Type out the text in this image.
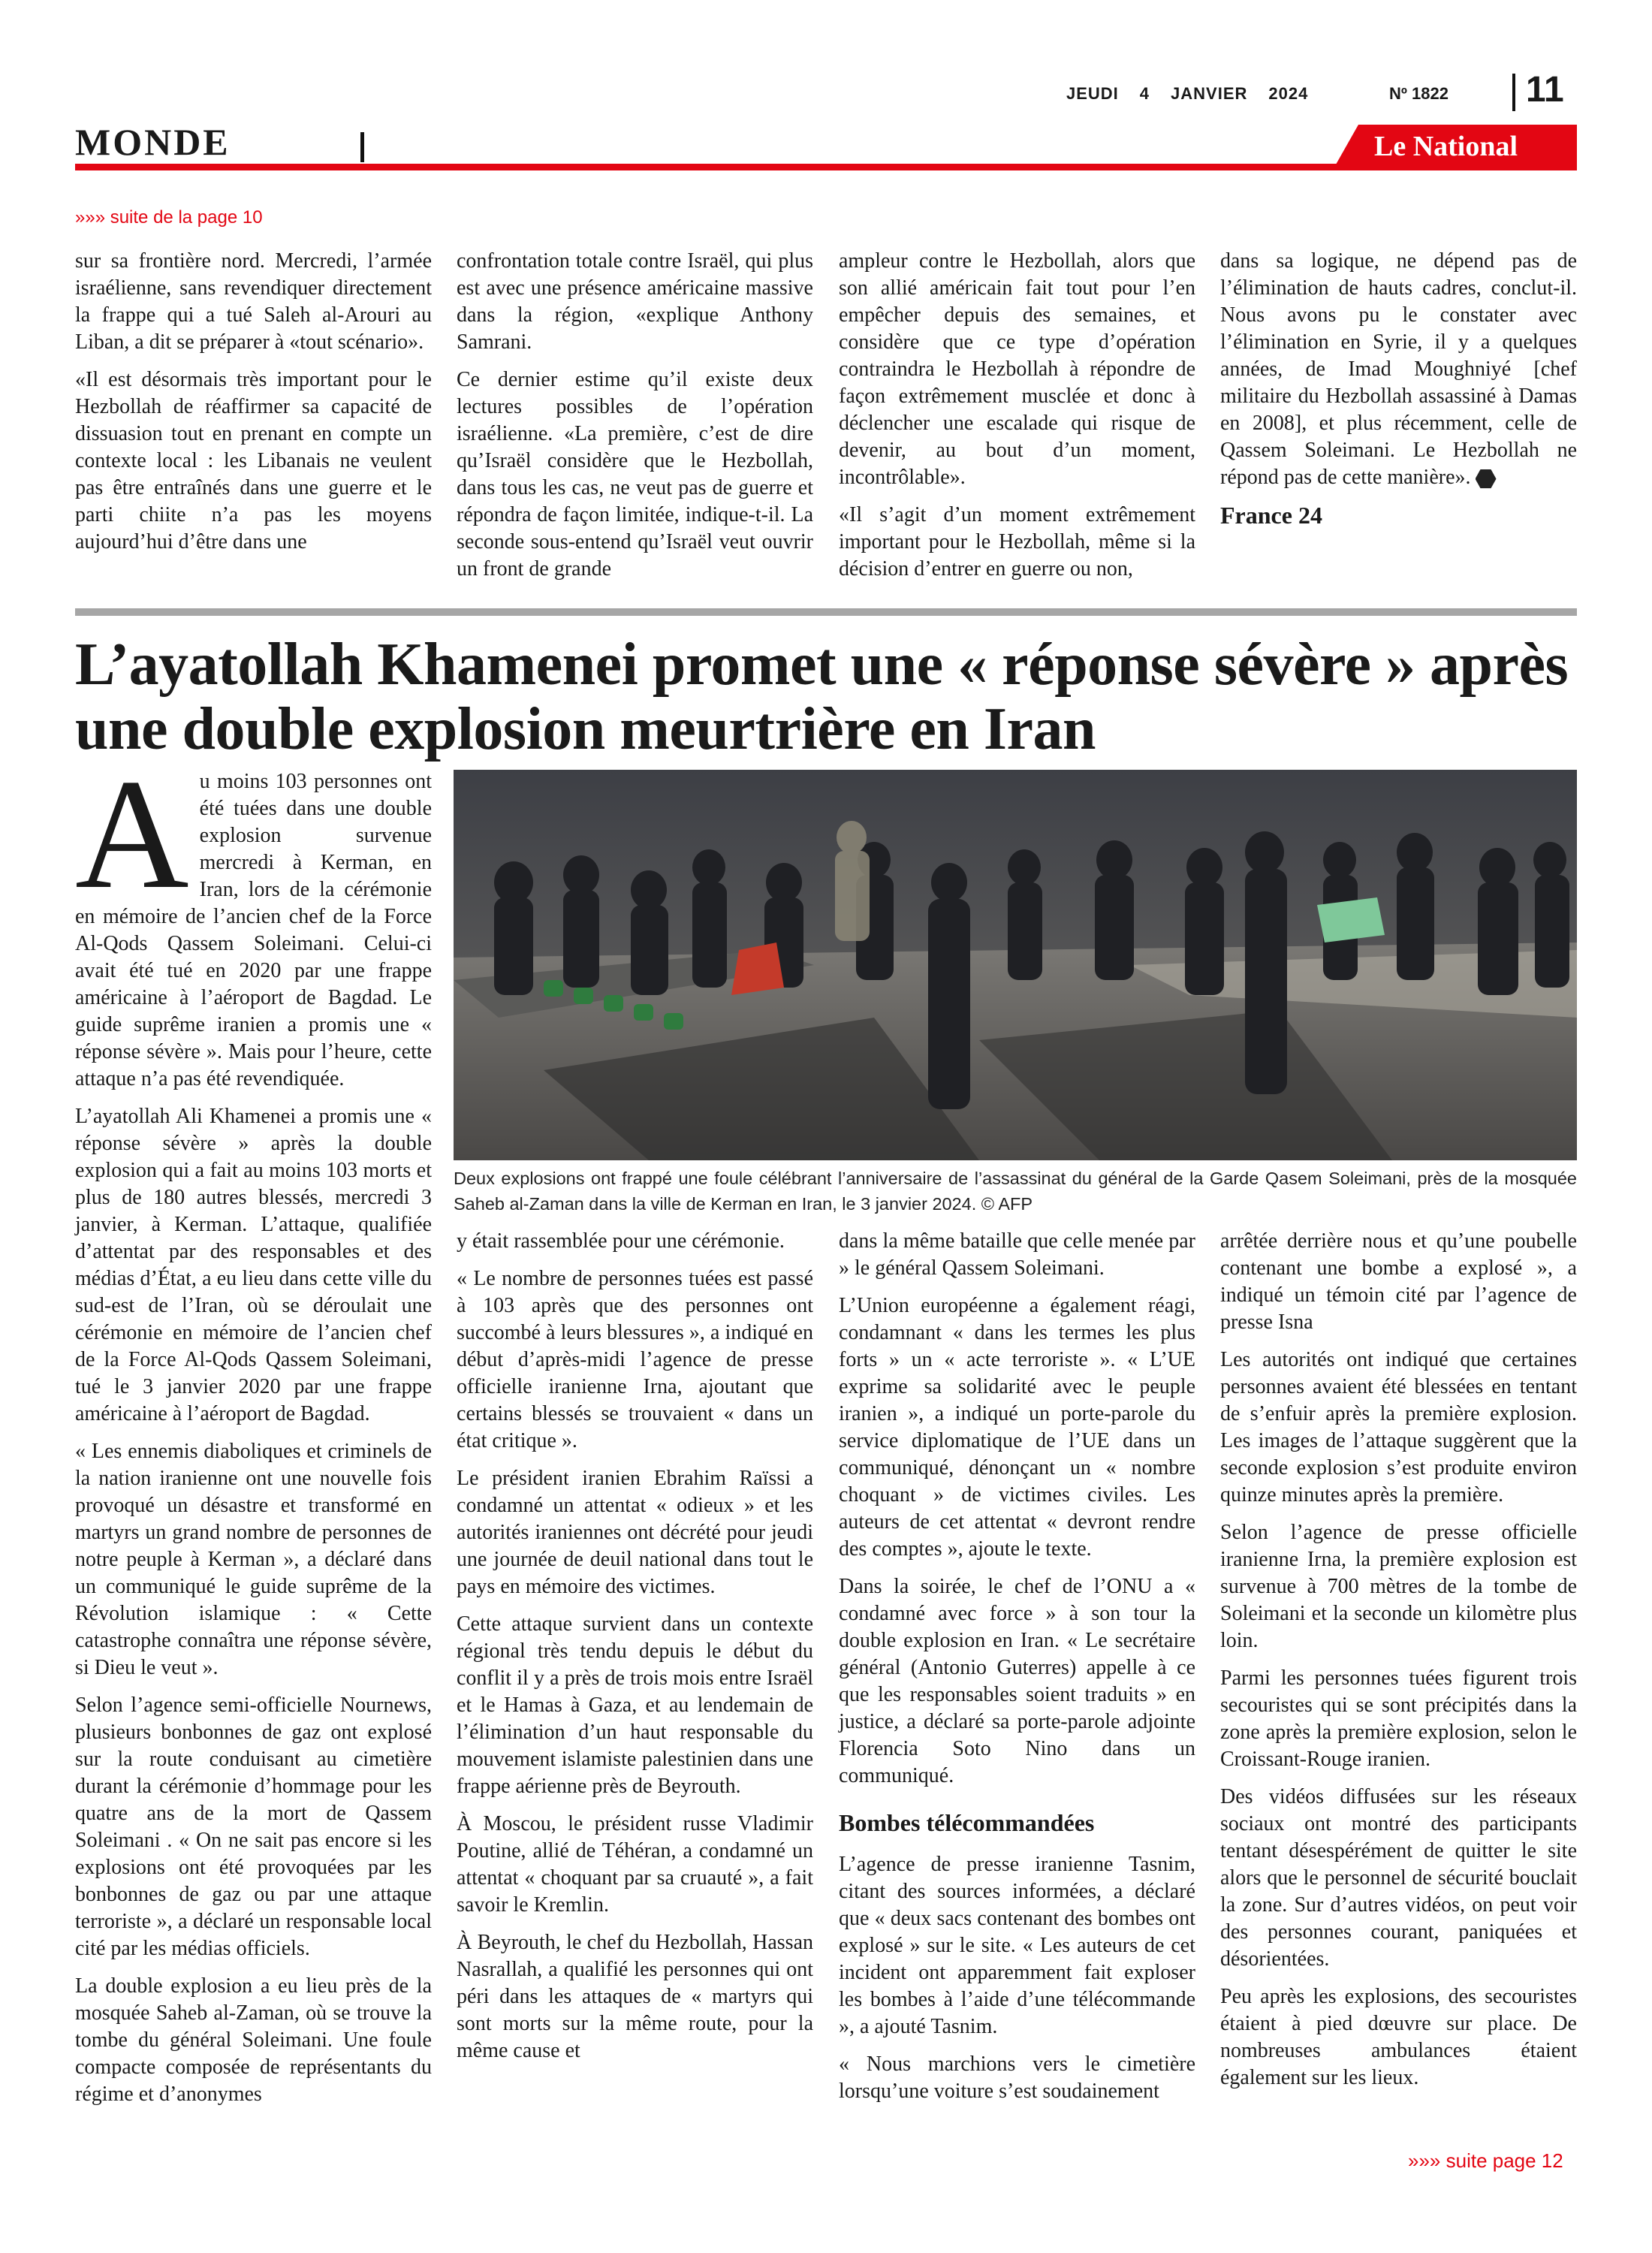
JEUDI 4 JANVIER 2024	Nº 1822 11
MONDE	Le National
»»» suite de la page 10

sur sa frontière nord. Mercredi, l’armée israélienne, sans revendiquer directement la frappe qui a tué Saleh al-Arouri au Liban, a dit se préparer à «tout scénario».

«Il est désormais très important pour le Hezbollah de réaffirmer sa capacité de dissuasion tout en prenant en compte un contexte local : les Libanais ne veulent pas être entraînés dans une guerre et le parti chiite n’a pas les moyens aujourd’hui d’être dans une

confrontation totale contre Israël, qui plus est avec une présence américaine massive dans la région, «explique Anthony Samrani.

Ce dernier estime qu’il existe deux lectures possibles de l’opération israélienne. «La première, c’est de dire qu’Israël considère que le Hezbollah, dans tous les cas, ne veut pas de guerre et répondra de façon limitée, indique-t-il. La seconde sous-entend qu’Israël veut ouvrir un front de grande

ampleur contre le Hezbollah, alors que son allié américain fait tout pour l’en empêcher depuis des semaines, et considère que ce type d’opération contraindra le Hezbollah à répondre de façon extrêmement musclée et donc à déclencher une escalade qui risque de devenir, au bout d’un moment, incontrôlable».

«Il s’agit d’un moment extrêmement important pour le Hezbollah, même si la décision d’entrer en guerre ou non,

dans sa logique, ne dépend pas de l’élimination de hauts cadres, conclut-il. Nous avons pu le constater avec l’élimination en Syrie, il y a quelques années, de Imad Moughniyé [chef militaire du Hezbollah assassiné à Damas en 2008], et plus récemment, celle de Qassem Soleimani. Le Hezbollah ne répond pas de cette manière».

France 24

L’ayatollah Khamenei promet une « réponse sévère » après une double explosion meurtrière en Iran
Deux explosions ont frappé une foule célébrant l’anniversaire de l’assassinat du général de la Garde Qasem Soleimani, près de la mosquée Saheb al-Zaman dans la ville de Kerman en Iran, le 3 janvier 2024. © AFP

Au moins 103 personnes ont été tuées dans une double explosion survenue mercredi à Kerman, en Iran, lors de la cérémonie en mémoire de l’ancien chef de la Force Al-Qods Qassem Soleimani. Celui-ci avait été tué en 2020 par une frappe américaine à l’aéroport de Bagdad. Le guide suprême iranien a promis une « réponse sévère ». Mais pour l’heure, cette attaque n’a pas été revendiquée.

L’ayatollah Ali Khamenei a promis une « réponse sévère » après la double explosion qui a fait au moins 103 morts et plus de 180 autres blessés, mercredi 3 janvier, à Kerman. L’attaque, qualifiée d’attentat par des responsables et des médias d’État, a eu lieu dans cette ville du sud-est de l’Iran, où se déroulait une cérémonie en mémoire de l’ancien chef de la Force Al-Qods Qassem Soleimani, tué le 3 janvier 2020 par une frappe américaine à l’aéroport de Bagdad.

« Les ennemis diaboliques et criminels de la nation iranienne ont une nouvelle fois provoqué un désastre et transformé en martyrs un grand nombre de personnes de notre peuple à Kerman », a déclaré dans un communiqué le guide suprême de la Révolution islamique : « Cette catastrophe connaîtra une réponse sévère, si Dieu le veut ».

Selon l’agence semi-officielle Nournews, plusieurs bonbonnes de gaz ont explosé sur la route conduisant au cimetière durant la cérémonie d’hommage pour les quatre ans de la mort de Qassem Soleimani . « On ne sait pas encore si les explosions ont été provoquées par les bonbonnes de gaz ou par une attaque terroriste », a déclaré un responsable local cité par les médias officiels.

La double explosion a eu lieu près de la mosquée Saheb al-Zaman, où se trouve la tombe du général Soleimani. Une foule compacte composée de représentants du régime et d’anonymes

y était rassemblée pour une cérémonie.

« Le nombre de personnes tuées est passé à 103 après que des personnes ont succombé à leurs blessures », a indiqué en début d’après-midi l’agence de presse officielle iranienne Irna, ajoutant que certains blessés se trouvaient « dans un état critique ».

Le président iranien Ebrahim Raïssi a condamné un attentat « odieux » et les autorités iraniennes ont décrété pour jeudi une journée de deuil national dans tout le pays en mémoire des victimes.

Cette attaque survient dans un contexte régional très tendu depuis le début du conflit il y a près de trois mois entre Israël et le Hamas à Gaza, et au lendemain de l’élimination d’un haut responsable du mouvement islamiste palestinien dans une frappe aérienne près de Beyrouth.

À Moscou, le président russe Vladimir Poutine, allié de Téhéran, a condamné un attentat « choquant par sa cruauté », a fait savoir le Kremlin.

À Beyrouth, le chef du Hezbollah, Hassan Nasrallah, a qualifié les personnes qui ont péri dans les attaques de « martyrs qui sont morts sur la même route, pour la même cause et

dans la même bataille que celle menée par » le général Qassem Soleimani.

L’Union européenne a également réagi, condamnant « dans les termes les plus forts » un « acte terroriste ». « L’UE exprime sa solidarité avec le peuple iranien », a indiqué un porte-parole du service diplomatique de l’UE dans un communiqué, dénonçant un « nombre choquant » de victimes civiles. Les auteurs de cet attentat « devront rendre des comptes », ajoute le texte.

Dans la soirée, le chef de l’ONU a « condamné avec force » à son tour la double explosion en Iran. « Le secrétaire général (Antonio Guterres) appelle à ce que les responsables soient traduits » en justice, a déclaré sa porte-parole adjointe Florencia Soto Nino dans un communiqué.

Bombes télécommandées

L’agence de presse iranienne Tasnim, citant des sources informées, a déclaré que « deux sacs contenant des bombes ont explosé » sur le site. « Les auteurs de cet incident ont apparemment fait exploser les bombes à l’aide d’une télécommande », a ajouté Tasnim.

« Nous marchions vers le cimetière lorsqu’une voiture s’est soudainement

arrêtée derrière nous et qu’une poubelle contenant une bombe a explosé », a indiqué un témoin cité par l’agence de presse Isna

Les autorités ont indiqué que certaines personnes avaient été blessées en tentant de s’enfuir après la première explosion. Les images de l’attaque suggèrent que la seconde explosion s’est produite environ quinze minutes après la première.

Selon l’agence de presse officielle iranienne Irna, la première explosion est survenue à 700 mètres de la tombe de Soleimani et la seconde un kilomètre plus loin.

Parmi les personnes tuées figurent trois secouristes qui se sont précipités dans la zone après la première explosion, selon le Croissant-Rouge iranien.

Des vidéos diffusées sur les réseaux sociaux ont montré des participants tentant désespérément de quitter le site alors que le personnel de sécurité bouclait la zone. Sur d’autres vidéos, on peut voir des personnes courant, paniquées et désorientées.

Peu après les explosions, des secouristes étaient à pied dœuvre sur place. De nombreuses ambulances étaient également sur les lieux.

»»» suite page 12
